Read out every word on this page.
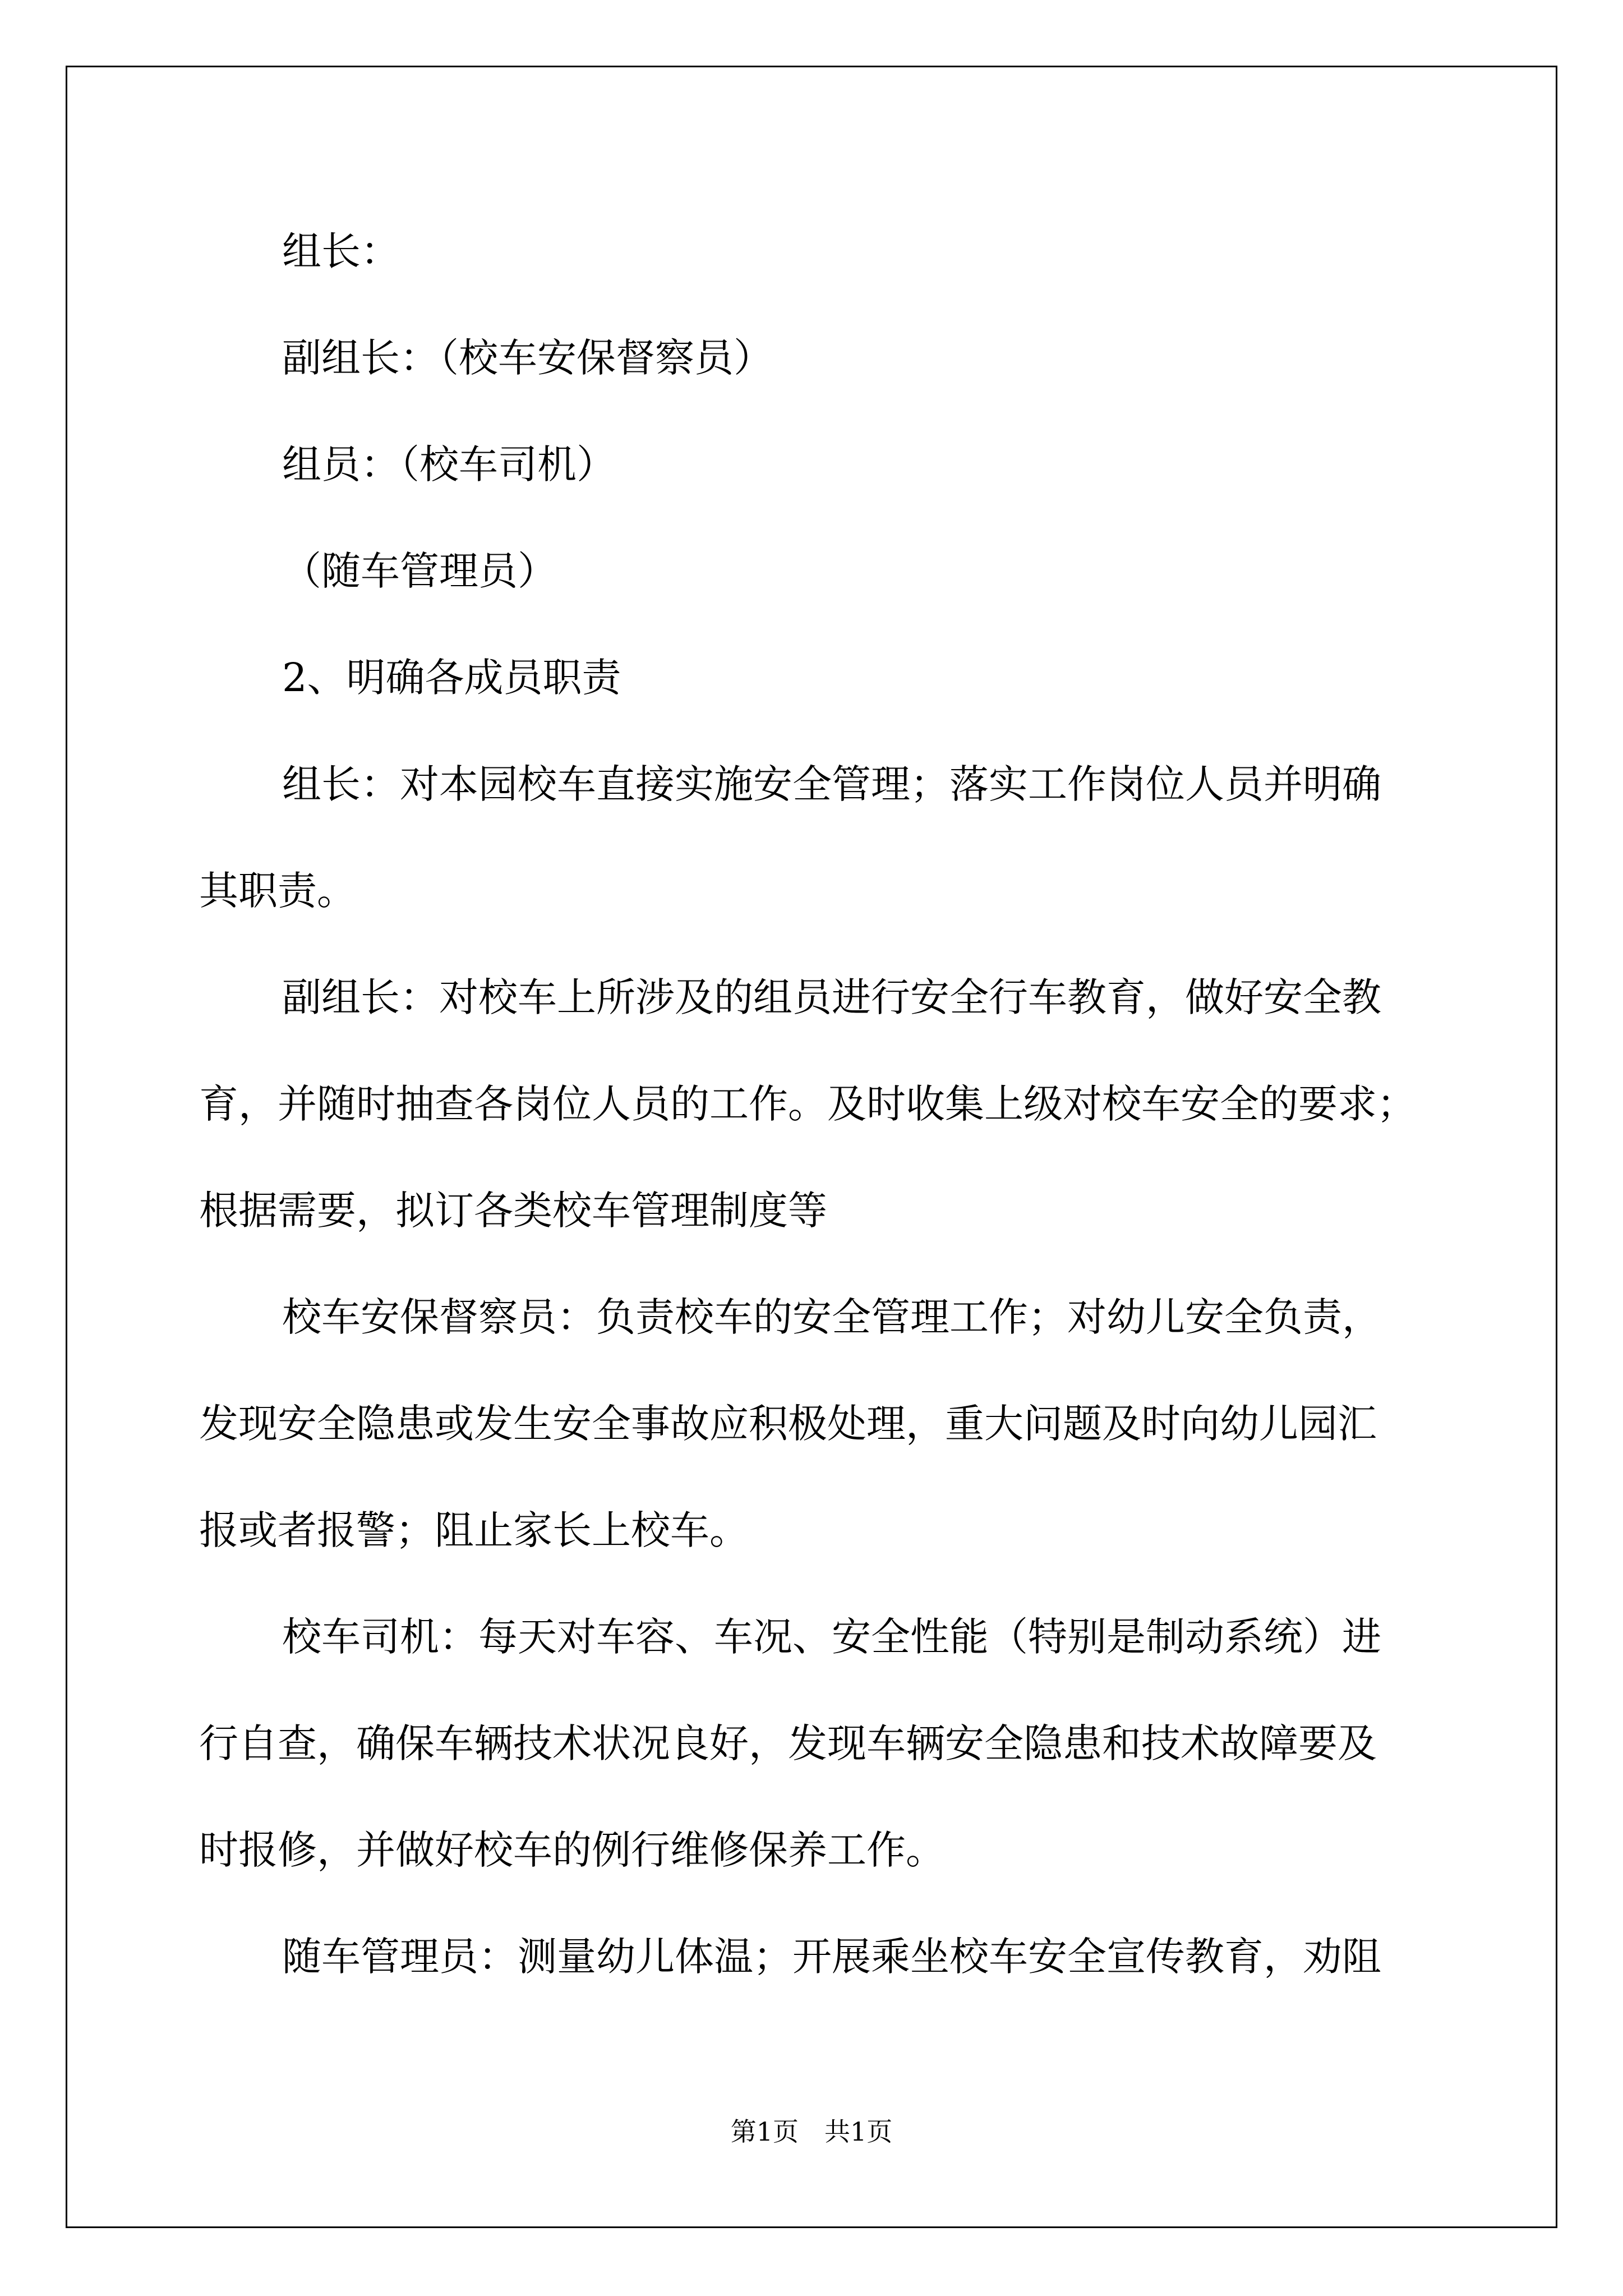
组长：
副组长：（校车安保督察员）
组员：（校车司机）
（随车管理员）
2、明确各成员职责
组长：对本园校车直接实施安全管理；落实工作岗位人员并明确
其职责。
副组长：对校车上所涉及的组员进行安全行车教育，做好安全教
育，并随时抽查各岗位人员的工作。及时收集上级对校车安全的要求；
根据需要，拟订各类校车管理制度等
校车安保督察员：负责校车的安全管理工作；对幼儿安全负责，
发现安全隐患或发生安全事故应积极处理，重大问题及时向幼儿园汇
报或者报警；阻止家长上校车。
校车司机：每天对车容、车况、安全性能（特别是制动系统）进
行自查，确保车辆技术状况良好，发现车辆安全隐患和技术故障要及
时报修，并做好校车的例行维修保养工作。
随车管理员：测量幼儿体温；开展乘坐校车安全宣传教育，劝阻
第1页　共1页
